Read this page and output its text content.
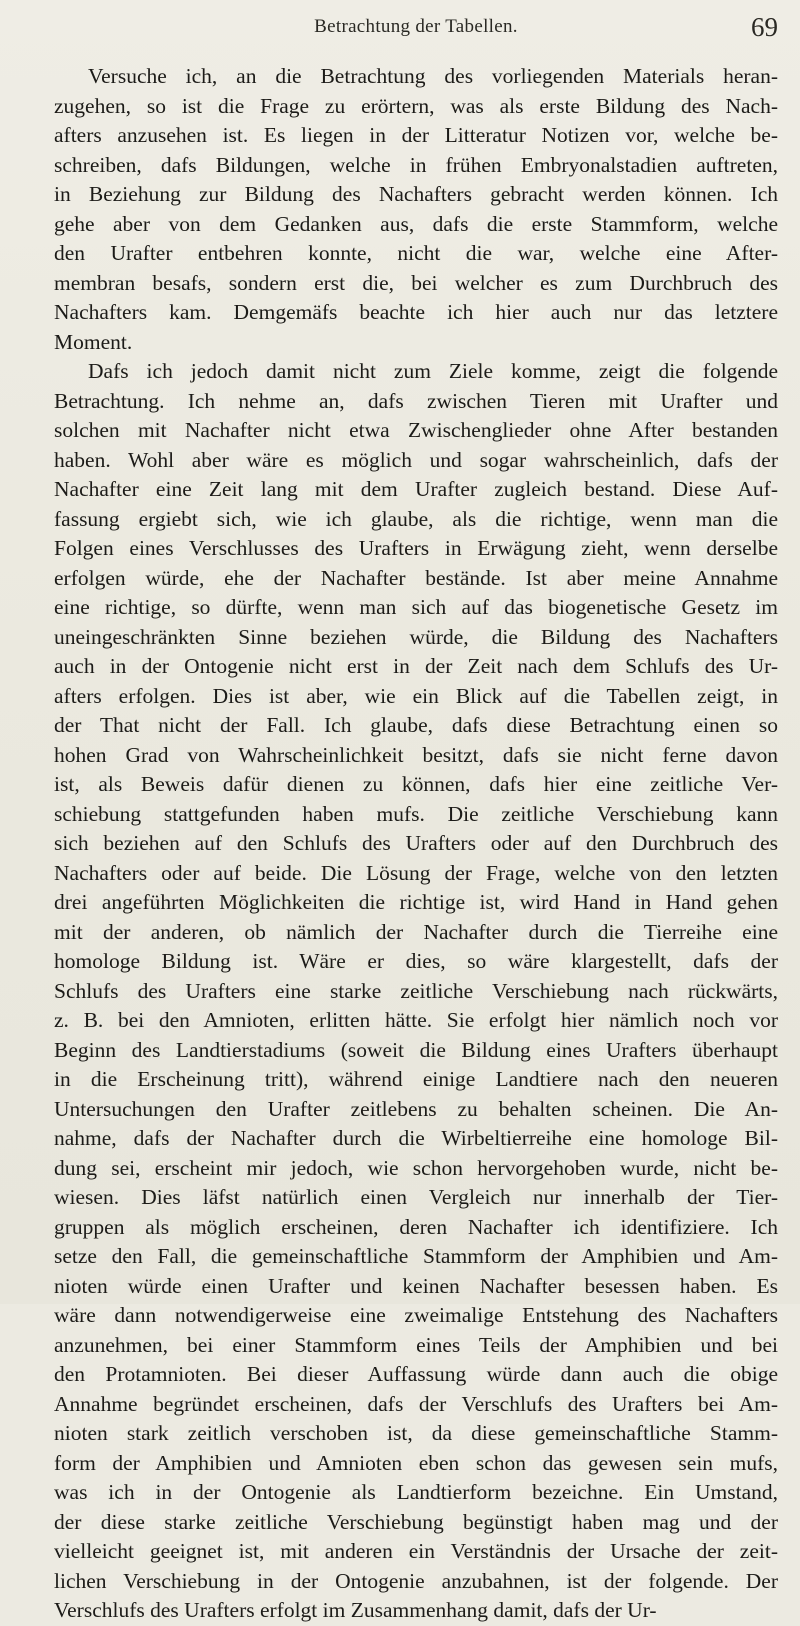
Betrachtung der Tabellen.	69
Versuche ich, an die Betrachtung des vorliegenden Materials heran-
zugehen, so ist die Frage zu erörtern, was als erste Bildung des Nach-
afters anzusehen ist. Es liegen in der Litteratur Notizen vor, welche be-
schreiben, dafs Bildungen, welche in frühen Embryonalstadien auftreten,
in Beziehung zur Bildung des Nachafters gebracht werden können. Ich
gehe aber von dem Gedanken aus, dafs die erste Stammform, welche
den Urafter entbehren konnte, nicht die war, welche eine After-
membran besafs, sondern erst die, bei welcher es zum Durchbruch des
Nachafters kam. Demgemäfs beachte ich hier auch nur das letztere
Moment.
Dafs ich jedoch damit nicht zum Ziele komme, zeigt die folgende
Betrachtung. Ich nehme an, dafs zwischen Tieren mit Urafter und
solchen mit Nachafter nicht etwa Zwischenglieder ohne After bestanden
haben. Wohl aber wäre es möglich und sogar wahrscheinlich, dafs der
Nachafter eine Zeit lang mit dem Urafter zugleich bestand. Diese Auf-
fassung ergiebt sich, wie ich glaube, als die richtige, wenn man die
Folgen eines Verschlusses des Urafters in Erwägung zieht, wenn derselbe
erfolgen würde, ehe der Nachafter bestände. Ist aber meine Annahme
eine richtige, so dürfte, wenn man sich auf das biogenetische Gesetz im
uneingeschränkten Sinne beziehen würde, die Bildung des Nachafters
auch in der Ontogenie nicht erst in der Zeit nach dem Schlufs des Ur-
afters erfolgen. Dies ist aber, wie ein Blick auf die Tabellen zeigt, in
der That nicht der Fall. Ich glaube, dafs diese Betrachtung einen so
hohen Grad von Wahrscheinlichkeit besitzt, dafs sie nicht ferne davon
ist, als Beweis dafür dienen zu können, dafs hier eine zeitliche Ver-
schiebung stattgefunden haben mufs. Die zeitliche Verschiebung kann
sich beziehen auf den Schlufs des Urafters oder auf den Durchbruch des
Nachafters oder auf beide. Die Lösung der Frage, welche von den letzten
drei angeführten Möglichkeiten die richtige ist, wird Hand in Hand gehen
mit der anderen, ob nämlich der Nachafter durch die Tierreihe eine
homologe Bildung ist. Wäre er dies, so wäre klargestellt, dafs der
Schlufs des Urafters eine starke zeitliche Verschiebung nach rückwärts,
z. B. bei den Amnioten, erlitten hätte. Sie erfolgt hier nämlich noch vor
Beginn des Landtierstadiums (soweit die Bildung eines Urafters überhaupt
in die Erscheinung tritt), während einige Landtiere nach den neueren
Untersuchungen den Urafter zeitlebens zu behalten scheinen. Die An-
nahme, dafs der Nachafter durch die Wirbeltierreihe eine homologe Bil-
dung sei, erscheint mir jedoch, wie schon hervorgehoben wurde, nicht be-
wiesen. Dies läfst natürlich einen Vergleich nur innerhalb der Tier-
gruppen als möglich erscheinen, deren Nachafter ich identifiziere. Ich
setze den Fall, die gemeinschaftliche Stammform der Amphibien und Am-
nioten würde einen Urafter und keinen Nachafter besessen haben. Es
wäre dann notwendigerweise eine zweimalige Entstehung des Nachafters
anzunehmen, bei einer Stammform eines Teils der Amphibien und bei
den Protamnioten. Bei dieser Auffassung würde dann auch die obige
Annahme begründet erscheinen, dafs der Verschlufs des Urafters bei Am-
nioten stark zeitlich verschoben ist, da diese gemeinschaftliche Stamm-
form der Amphibien und Amnioten eben schon das gewesen sein mufs,
was ich in der Ontogenie als Landtierform bezeichne. Ein Umstand,
der diese starke zeitliche Verschiebung begünstigt haben mag und der
vielleicht geeignet ist, mit anderen ein Verständnis der Ursache der zeit-
lichen Verschiebung in der Ontogenie anzubahnen, ist der folgende. Der
Verschlufs des Urafters erfolgt im Zusammenhang damit, dafs der Ur-
